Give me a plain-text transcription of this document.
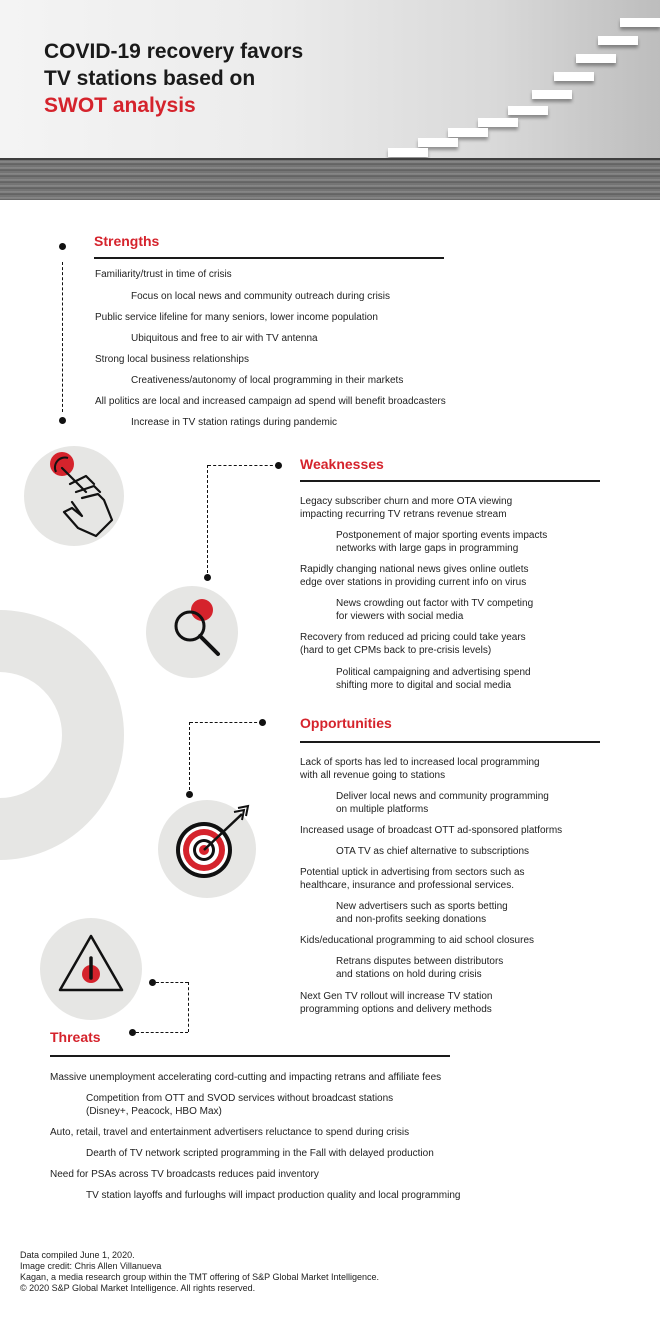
COVID-19 recovery favors
TV stations based on
SWOT analysis
Strengths
Familiarity/trust in time of crisis
Focus on local news and community outreach during crisis
Public service lifeline for many seniors, lower income population
Ubiquitous and free to air with TV antenna
Strong local business relationships
Creativeness/autonomy of local programming in their markets
All politics are local and increased campaign ad spend will benefit broadcasters
Increase in TV station ratings during pandemic
Weaknesses
Legacy subscriber churn and more OTA viewing
impacting recurring TV retrans revenue stream
Postponement of major sporting events impacts
networks with large gaps in programming
Rapidly changing national news gives online outlets
edge over stations in providing current info on virus
News crowding out factor with TV competing
for viewers with social media
Recovery from reduced ad pricing could take years
(hard to get CPMs back to pre-crisis levels)
Political campaigning and advertising spend
shifting more to digital and social media
Opportunities
Lack of sports has led to increased local programming
with all revenue going to stations
Deliver local news and community programming
on multiple platforms
Increased usage of broadcast OTT ad-sponsored platforms
OTA TV as chief alternative to subscriptions
Potential uptick in advertising from sectors such as
healthcare, insurance and professional services.
New advertisers such as sports betting
and non-profits seeking donations
Kids/educational programming to aid school closures
Retrans disputes between distributors
and stations on hold during crisis
Next Gen TV rollout will increase TV station
programming options and delivery methods
Threats
Massive unemployment accelerating cord-cutting and impacting retrans and affiliate fees
Competition from OTT and SVOD services without broadcast stations
(Disney+, Peacock, HBO Max)
Auto, retail, travel and entertainment advertisers reluctance to spend during crisis
Dearth of TV network scripted programming in the Fall with delayed production
Need for PSAs across TV broadcasts reduces paid inventory
TV station layoffs and furloughs will impact production quality and local programming
Data compiled June 1, 2020.
Image credit: Chris Allen Villanueva
Kagan, a media research group within the TMT offering of S&P Global Market Intelligence.
© 2020 S&P Global Market Intelligence. All rights reserved.
